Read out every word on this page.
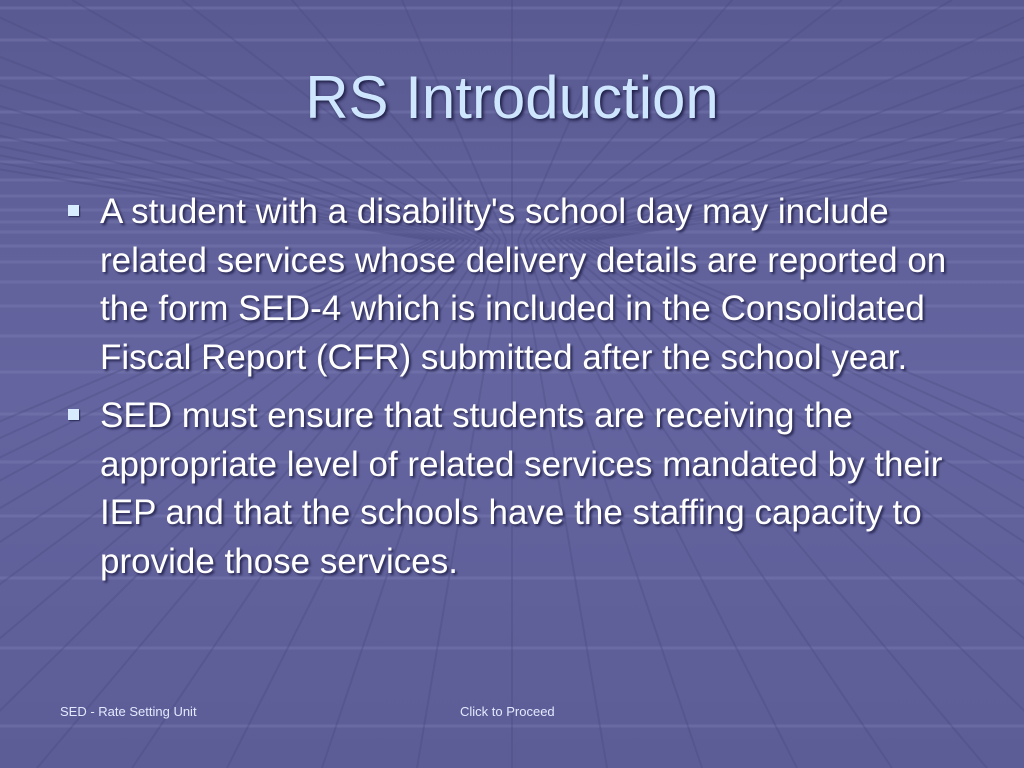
RS Introduction
A student with a disability's school day may include related services whose delivery details are reported on the form SED-4 which is included in the Consolidated Fiscal Report (CFR) submitted after the school year.
SED must ensure that students are receiving the appropriate level of related services mandated by their IEP and that the schools have the staffing capacity to provide those services.
SED - Rate Setting Unit	Click to Proceed
